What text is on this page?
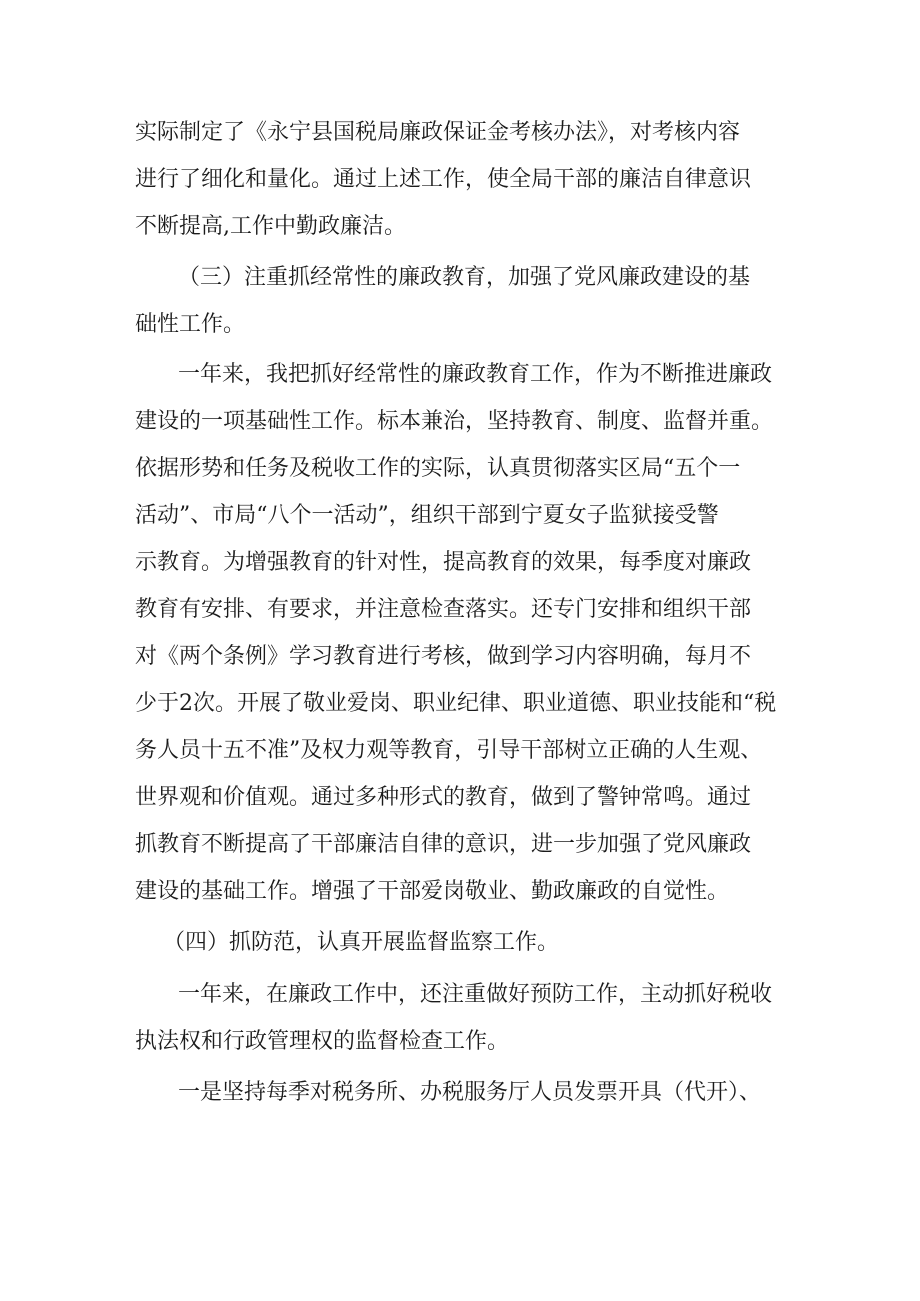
实际制定了《永宁县国税局廉政保证金考核办法》，对考核内容
进行了细化和量化。通过上述工作，使全局干部的廉洁自律意识
不断提高,工作中勤政廉洁。
（三）注重抓经常性的廉政教育，加强了党风廉政建设的基
础性工作。
一年来，我把抓好经常性的廉政教育工作，作为不断推进廉政
建设的一项基础性工作。标本兼治，坚持教育、制度、监督并重。
依据形势和任务及税收工作的实际，认真贯彻落实区局“五个一
活动”、市局“八个一活动”，组织干部到宁夏女子监狱接受警
示教育。为增强教育的针对性，提高教育的效果，每季度对廉政
教育有安排、有要求，并注意检查落实。还专门安排和组织干部
对《两个条例》学习教育进行考核，做到学习内容明确，每月不
少于2次。开展了敬业爱岗、职业纪律、职业道德、职业技能和“税
务人员十五不准”及权力观等教育，引导干部树立正确的人生观、
世界观和价值观。通过多种形式的教育，做到了警钟常鸣。通过
抓教育不断提高了干部廉洁自律的意识，进一步加强了党风廉政
建设的基础工作。增强了干部爱岗敬业、勤政廉政的自觉性。
（四）抓防范，认真开展监督监察工作。
一年来，在廉政工作中，还注重做好预防工作，主动抓好税收
执法权和行政管理权的监督检查工作。
一是坚持每季对税务所、办税服务厅人员发票开具（代开）、
